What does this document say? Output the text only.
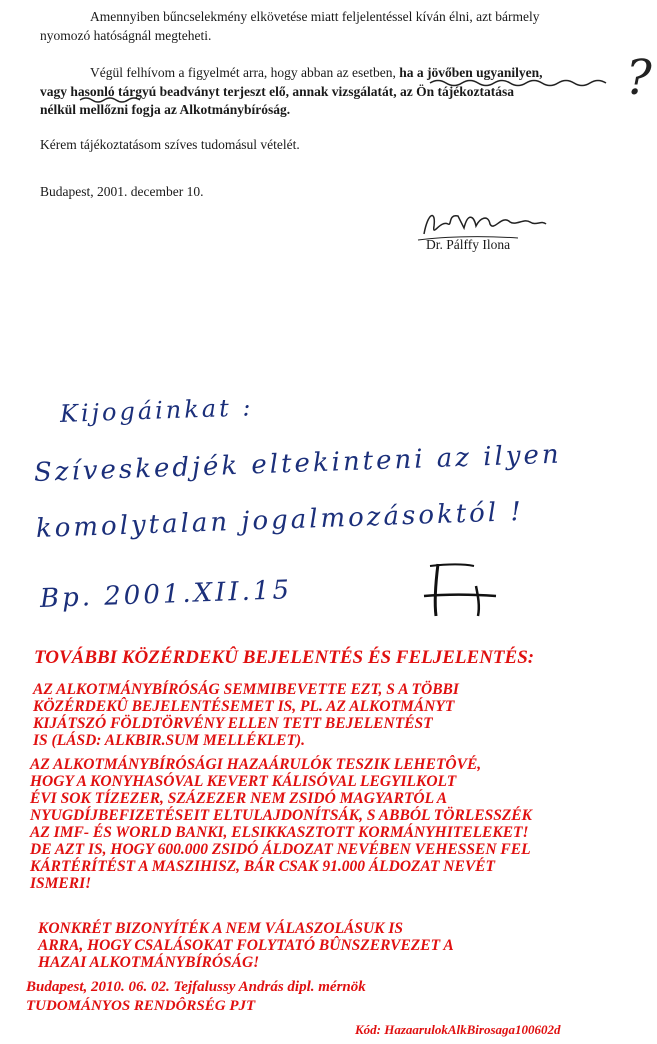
Amennyiben bűncselekmény elkövetése miatt feljelentéssel kíván élni, azt bármely
nyomozó hatóságnál megteheti.
Végül felhívom a figyelmét arra, hogy abban az esetben, ha a jövőben ugyanilyen,
vagy hasonló tárgyú beadványt terjeszt elő, annak vizsgálatát, az Ön tájékoztatása
nélkül mellőzni fogja az Alkotmánybíróság.
Kérem tájékoztatásom szíves tudomásul vételét.
Budapest, 2001. december 10.
?
Dr. Pálffy Ilona
Kijogáinkat :
Szíveskedjék eltekinteni az ilyen
komolytalan jogalmozásoktól !
Bp. 2001.XII.15
TOVÁBBI KÖZÉRDEKÛ BEJELENTÉS ÉS FELJELENTÉS:
AZ ALKOTMÁNYBÍRÓSÁG SEMMIBEVETTE EZT, S A TÖBBI
KÖZÉRDEKÛ BEJELENTÉSEMET IS, PL. AZ ALKOTMÁNYT
KIJÁTSZÓ FÖLDTÖRVÉNY ELLEN TETT BEJELENTÉST
IS (LÁSD: ALKBIR.SUM MELLÉKLET).
AZ ALKOTMÁNYBÍRÓSÁGI HAZAÁRULÓK TESZIK LEHETÔVÉ,
HOGY A KONYHASÓVAL KEVERT KÁLISÓVAL LEGYILKOLT
ÉVI SOK TÍZEZER, SZÁZEZER NEM ZSIDÓ MAGYARTÓL A
NYUGDÍJBEFIZETÉSEIT ELTULAJDONÍTSÁK, S ABBÓL TÖRLESSZÉK
AZ IMF- ÉS WORLD BANKI, ELSIKKASZTOTT KORMÁNYHITELEKET!
DE AZT IS, HOGY 600.000 ZSIDÓ ÁLDOZAT NEVÉBEN VEHESSEN FEL
KÁRTÉRÍTÉST A MASZIHISZ, BÁR CSAK 91.000 ÁLDOZAT NEVÉT
ISMERI!
KONKRÉT BIZONYÍTÉK A NEM VÁLASZOLÁSUK IS
ARRA, HOGY CSALÁSOKAT FOLYTATÓ BÛNSZERVEZET A
HAZAI ALKOTMÁNYBÍRÓSÁG!
Budapest, 2010. 06. 02. Tejfalussy András dipl. mérnök
TUDOMÁNYOS RENDÔRSÉG PJT
Kód: HazaarulokAlkBirosaga100602d
